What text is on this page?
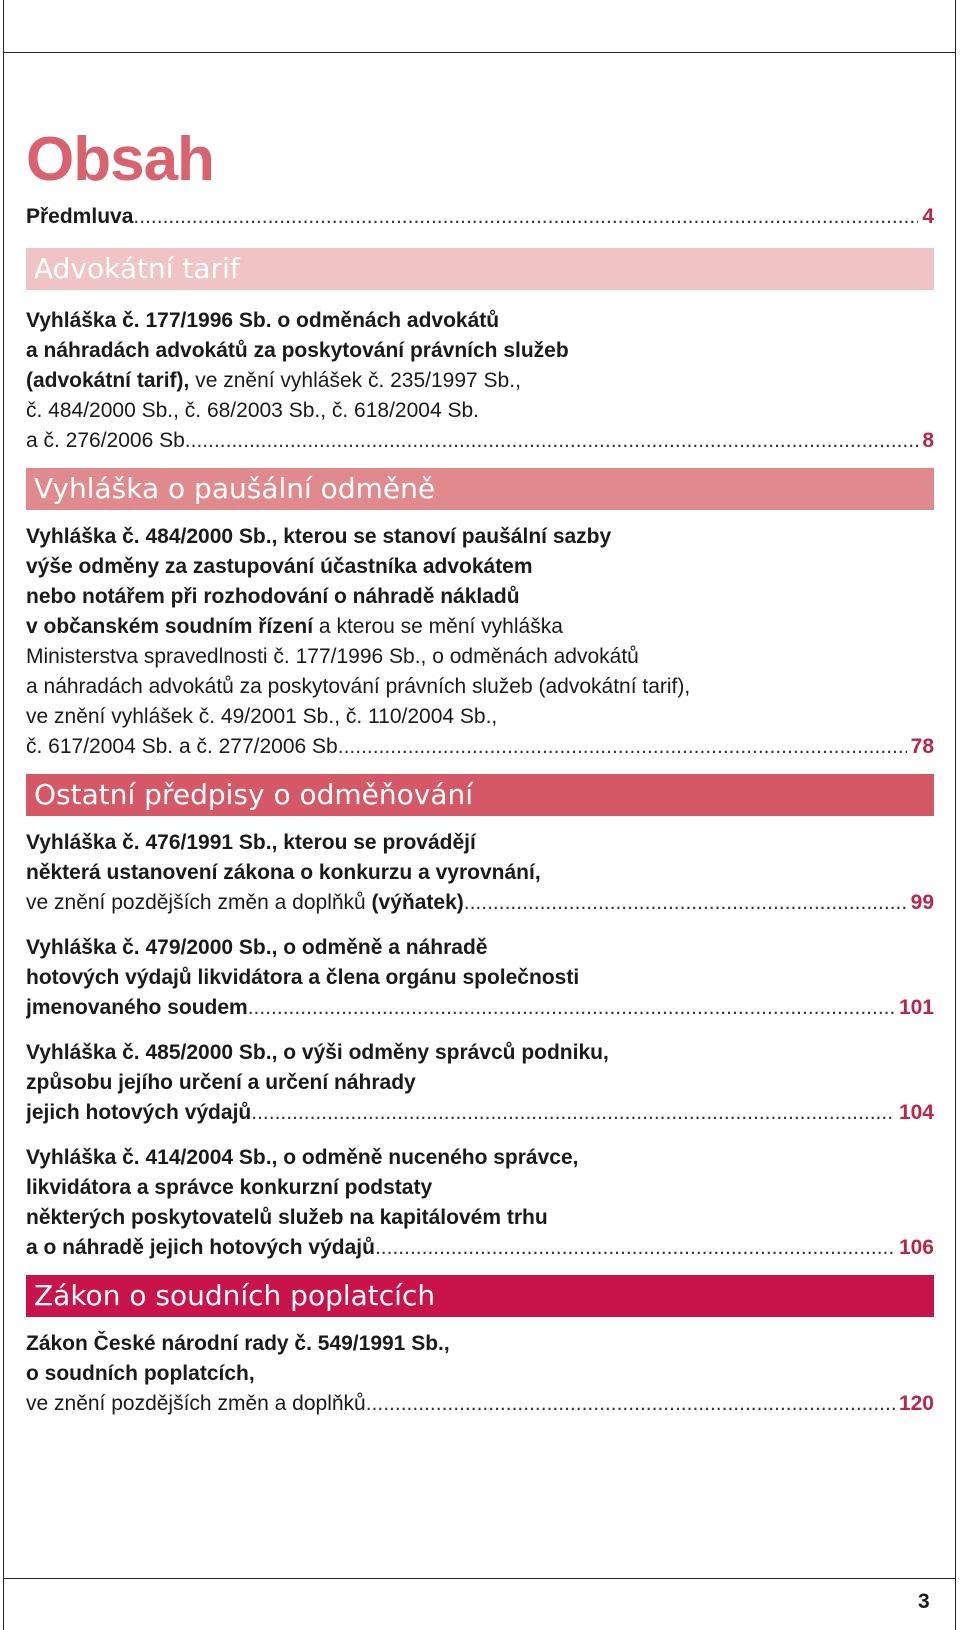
Obsah
Předmluva .....	4
Advokátní tarif
Vyhláška č. 177/1996 Sb. o odměnách advokátů
a náhradách advokátů za poskytování právních služeb
(advokátní tarif), ve znění vyhlášek č. 235/1997 Sb.,
č. 484/2000 Sb., č. 68/2003 Sb., č. 618/2004 Sb.
a č. 276/2006 Sb .....	8
Vyhláška o paušální odměně
Vyhláška č. 484/2000 Sb., kterou se stanoví paušální sazby
výše odměny za zastupování účastníka advokátem
nebo notářem při rozhodování o náhradě nákladů
v občanském soudním řízení a kterou se mění vyhláška
Ministerstva spravedlnosti č. 177/1996 Sb., o odměnách advokátů
a náhradách advokátů za poskytování právních služeb (advokátní tarif),
ve znění vyhlášek č. 49/2001 Sb., č. 110/2004 Sb.,
č. 617/2004 Sb. a č. 277/2006 Sb .....	78
Ostatní předpisy o odměňování
Vyhláška č. 476/1991 Sb., kterou se provádějí
některá ustanovení zákona o konkurzu a vyrovnání,
ve znění pozdějších změn a doplňků (výňatek) .....	99
Vyhláška č. 479/2000 Sb., o odměně a náhradě
hotových výdajů likvidátora a člena orgánu společnosti
jmenovaného soudem .....	101
Vyhláška č. 485/2000 Sb., o výši odměny správců podniku,
způsobu jejího určení a určení náhrady
jejich hotových výdajů .....	104
Vyhláška č. 414/2004 Sb., o odměně nuceného správce,
likvidátora a správce konkurzní podstaty
některých poskytovatelů služeb na kapitálovém trhu
a o náhradě jejich hotových výdajů .....	106
Zákon o soudních poplatcích
Zákon České národní rady č. 549/1991 Sb.,
o soudních poplatcích,
ve znění pozdějších změn a doplňků .....	120
3
